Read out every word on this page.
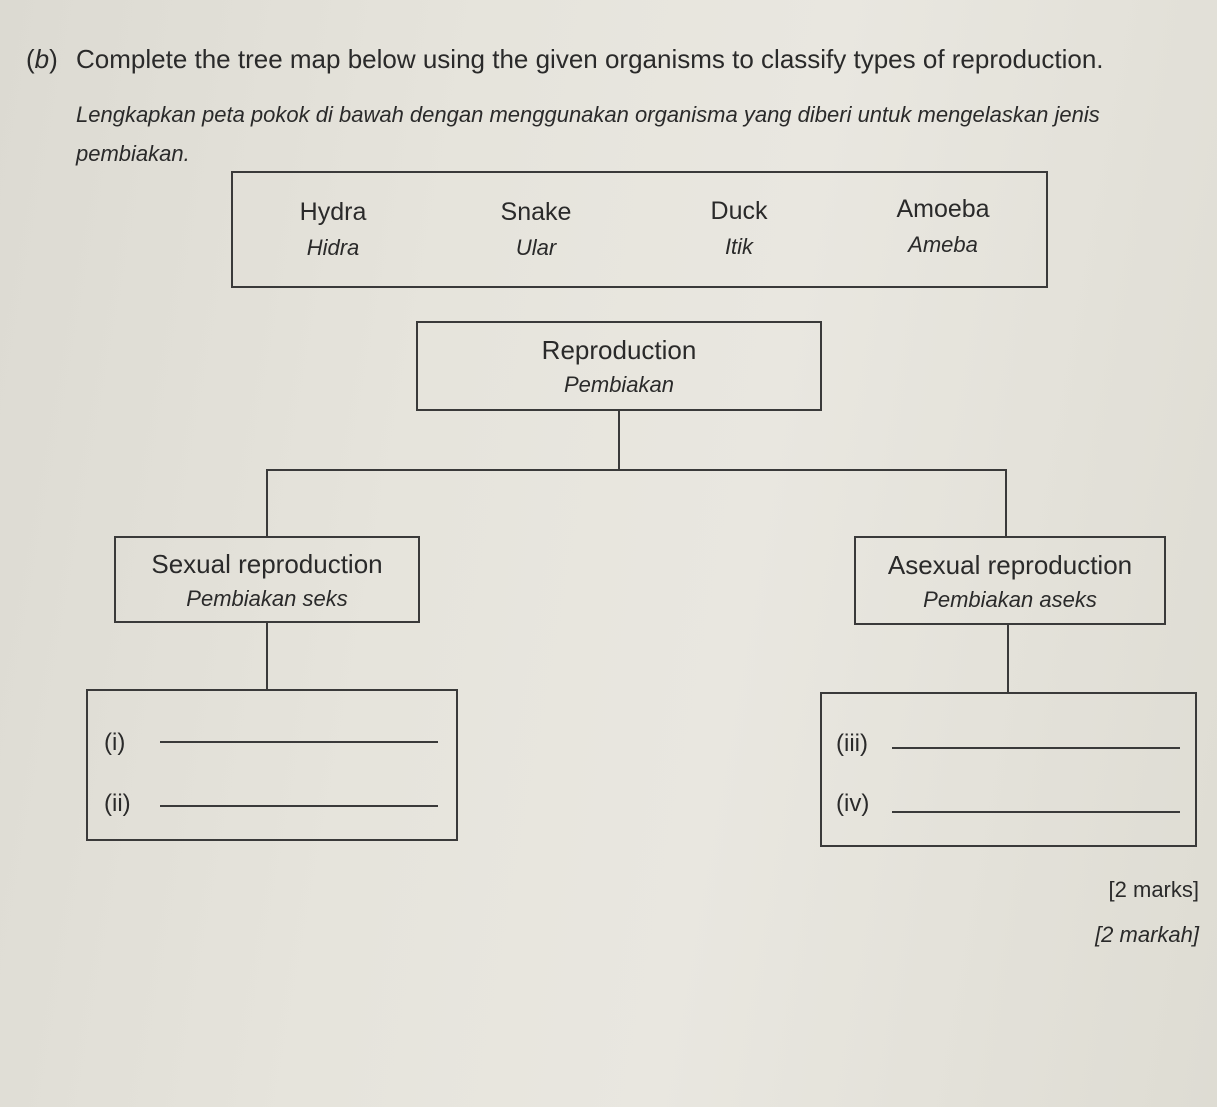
(b) Complete the tree map below using the given organisms to classify types of reproduction.
Lengkapkan peta pokok di bawah dengan menggunakan organisma yang diberi untuk mengelaskan jenis pembiakan.
Hydra
Hidra
Snake
Ular
Duck
Itik
Amoeba
Ameba
Reproduction
Pembiakan
Sexual reproduction
Pembiakan seks
Asexual reproduction
Pembiakan aseks
(i)
(ii)
(iii)
(iv)
[2 marks]
[2 markah]
